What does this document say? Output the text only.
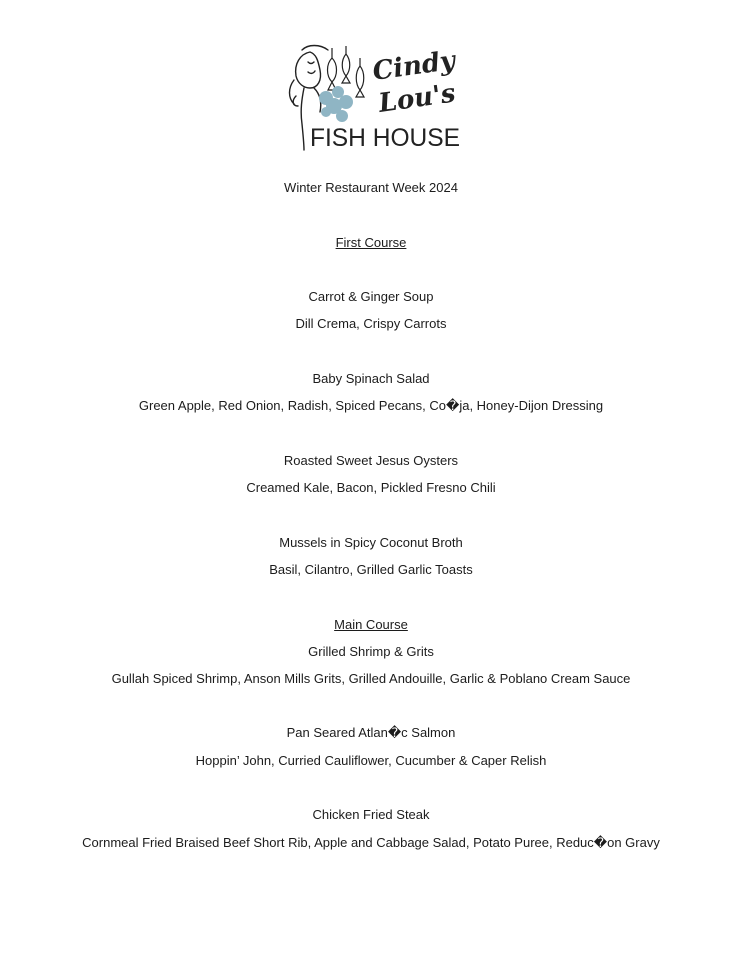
Cindy
Lou's
FISH HOUSE
Winter Restaurant Week 2024
First Course
Carrot & Ginger Soup
Dill Crema, Crispy Carrots
Baby Spinach Salad
Green Apple, Red Onion, Radish, Spiced Pecans, Co�ja, Honey-Dijon Dressing
Roasted Sweet Jesus Oysters
Creamed Kale, Bacon, Pickled Fresno Chili
Mussels in Spicy Coconut Broth
Basil, Cilantro, Grilled Garlic Toasts
Main Course
Grilled Shrimp & Grits
Gullah Spiced Shrimp, Anson Mills Grits, Grilled Andouille, Garlic & Poblano Cream Sauce
Pan Seared Atlan�c Salmon
Hoppin’ John, Curried Cauliflower, Cucumber & Caper Relish
Chicken Fried Steak
Cornmeal Fried Braised Beef Short Rib, Apple and Cabbage Salad, Potato Puree, Reduc�on Gravy
